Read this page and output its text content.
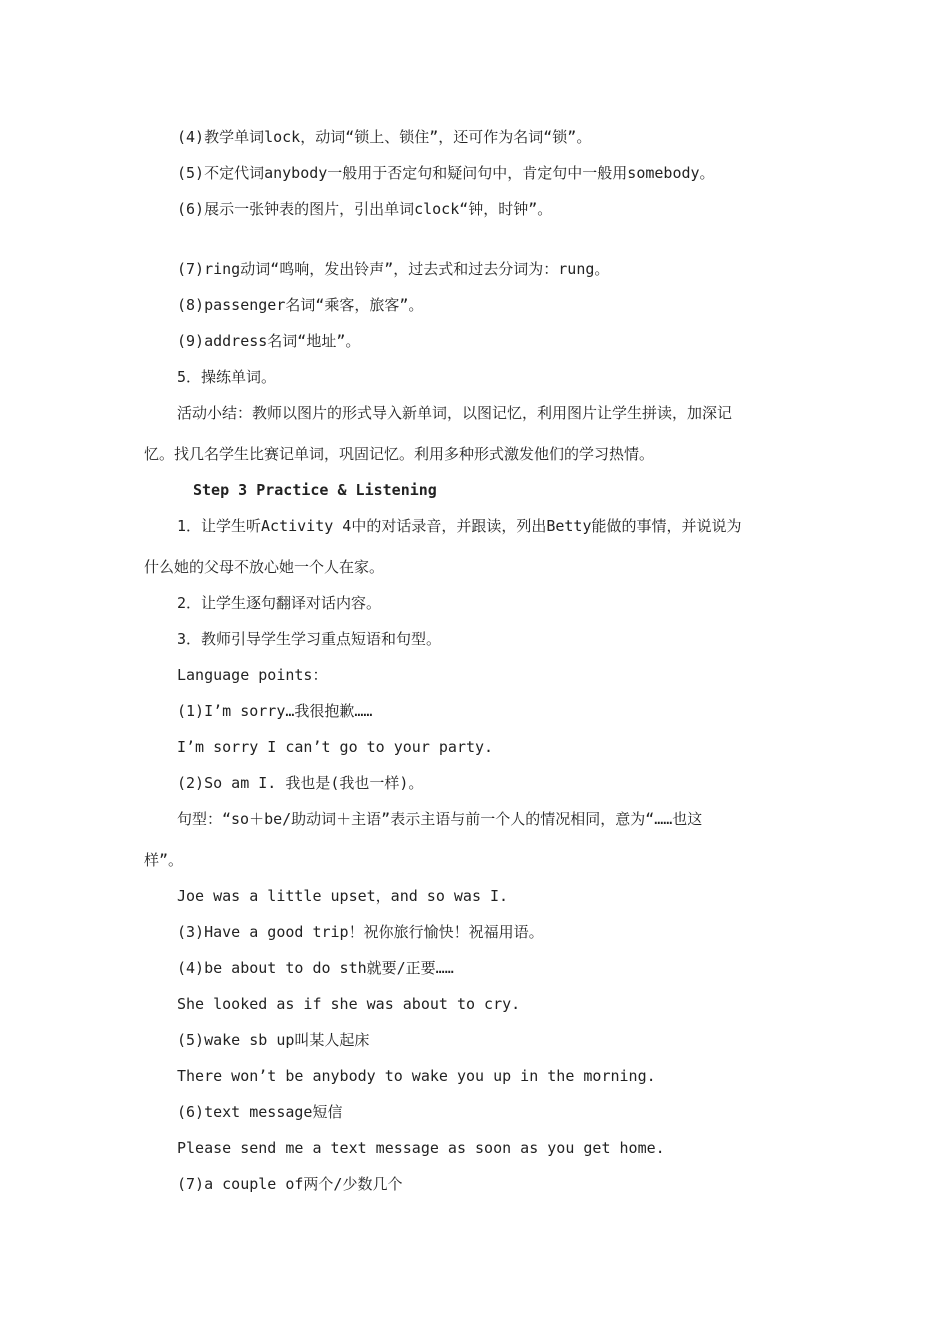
(4)教学单词lock，动词“锁上、锁住”，还可作为名词“锁”。
(5)不定代词anybody一般用于否定句和疑问句中，肯定句中一般用somebody。
(6)展示一张钟表的图片，引出单词clock“钟，时钟”。
(7)ring动词“鸣响，发出铃声”，过去式和过去分词为：rung。
(8)passenger名词“乘客，旅客”。
(9)address名词“地址”。
5．操练单词。
活动小结：教师以图片的形式导入新单词，以图记忆，利用图片让学生拼读，加深记
忆。找几名学生比赛记单词，巩固记忆。利用多种形式激发他们的学习热情。
Step 3 Practice & Listening
1．让学生听Activity 4中的对话录音，并跟读，列出Betty能做的事情，并说说为
什么她的父母不放心她一个人在家。
2．让学生逐句翻译对话内容。
3．教师引导学生学习重点短语和句型。
Language points：
(1)I’m sorry…我很抱歉……
I’m sorry I can’t go to your party.
(2)So am I. 我也是(我也一样)。
句型：“so＋be/助动词＋主语”表示主语与前一个人的情况相同，意为“……也这
样”。
Joe was a little upset，and so was I.
(3)Have a good trip！祝你旅行愉快！祝福用语。
(4)be about to do sth就要/正要……
She looked as if she was about to cry.
(5)wake sb up叫某人起床
There won’t be anybody to wake you up in the morning.
(6)text message短信
Please send me a text message as soon as you get home.
(7)a couple of两个/少数几个
